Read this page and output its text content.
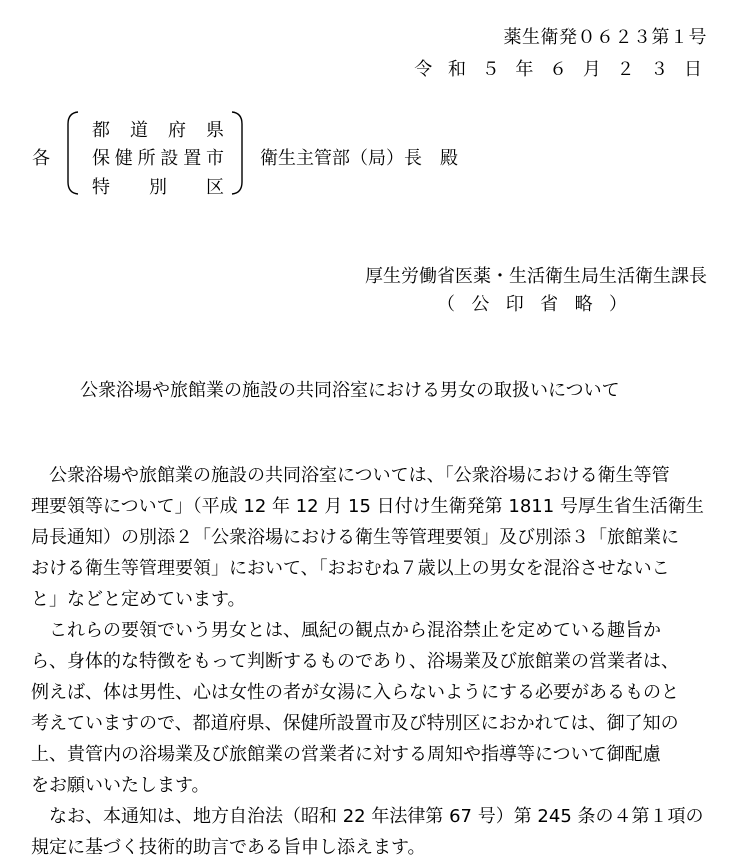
薬生衛発０６２３第１号
令 和 ５ 年 ６ 月 ２ ３ 日
各
都 道 府 県
保 健 所 設 置 市
特 別 区
衛生主管部（局）長　殿
厚生労働省医薬・生活衛生局生活衛生課長
（ 公 印 省 略 ）
公衆浴場や旅館業の施設の共同浴室における男女の取扱いについて
　公衆浴場や旅館業の施設の共同浴室については、「公衆浴場における衛生等管
理要領等について」（平成 12 年 12 月 15 日付け生衛発第 1811 号厚生省生活衛生
局長通知）の別添２「公衆浴場における衛生等管理要領」及び別添３「旅館業に
おける衛生等管理要領」において、「おおむね７歳以上の男女を混浴させないこ
と」などと定めています。
　これらの要領でいう男女とは、風紀の観点から混浴禁止を定めている趣旨か
ら、身体的な特徴をもって判断するものであり、浴場業及び旅館業の営業者は、
例えば、体は男性、心は女性の者が女湯に入らないようにする必要があるものと
考えていますので、都道府県、保健所設置市及び特別区におかれては、御了知の
上、貴管内の浴場業及び旅館業の営業者に対する周知や指導等について御配慮
をお願いいたします。
　なお、本通知は、地方自治法（昭和 22 年法律第 67 号）第 245 条の４第１項の
規定に基づく技術的助言である旨申し添えます。
